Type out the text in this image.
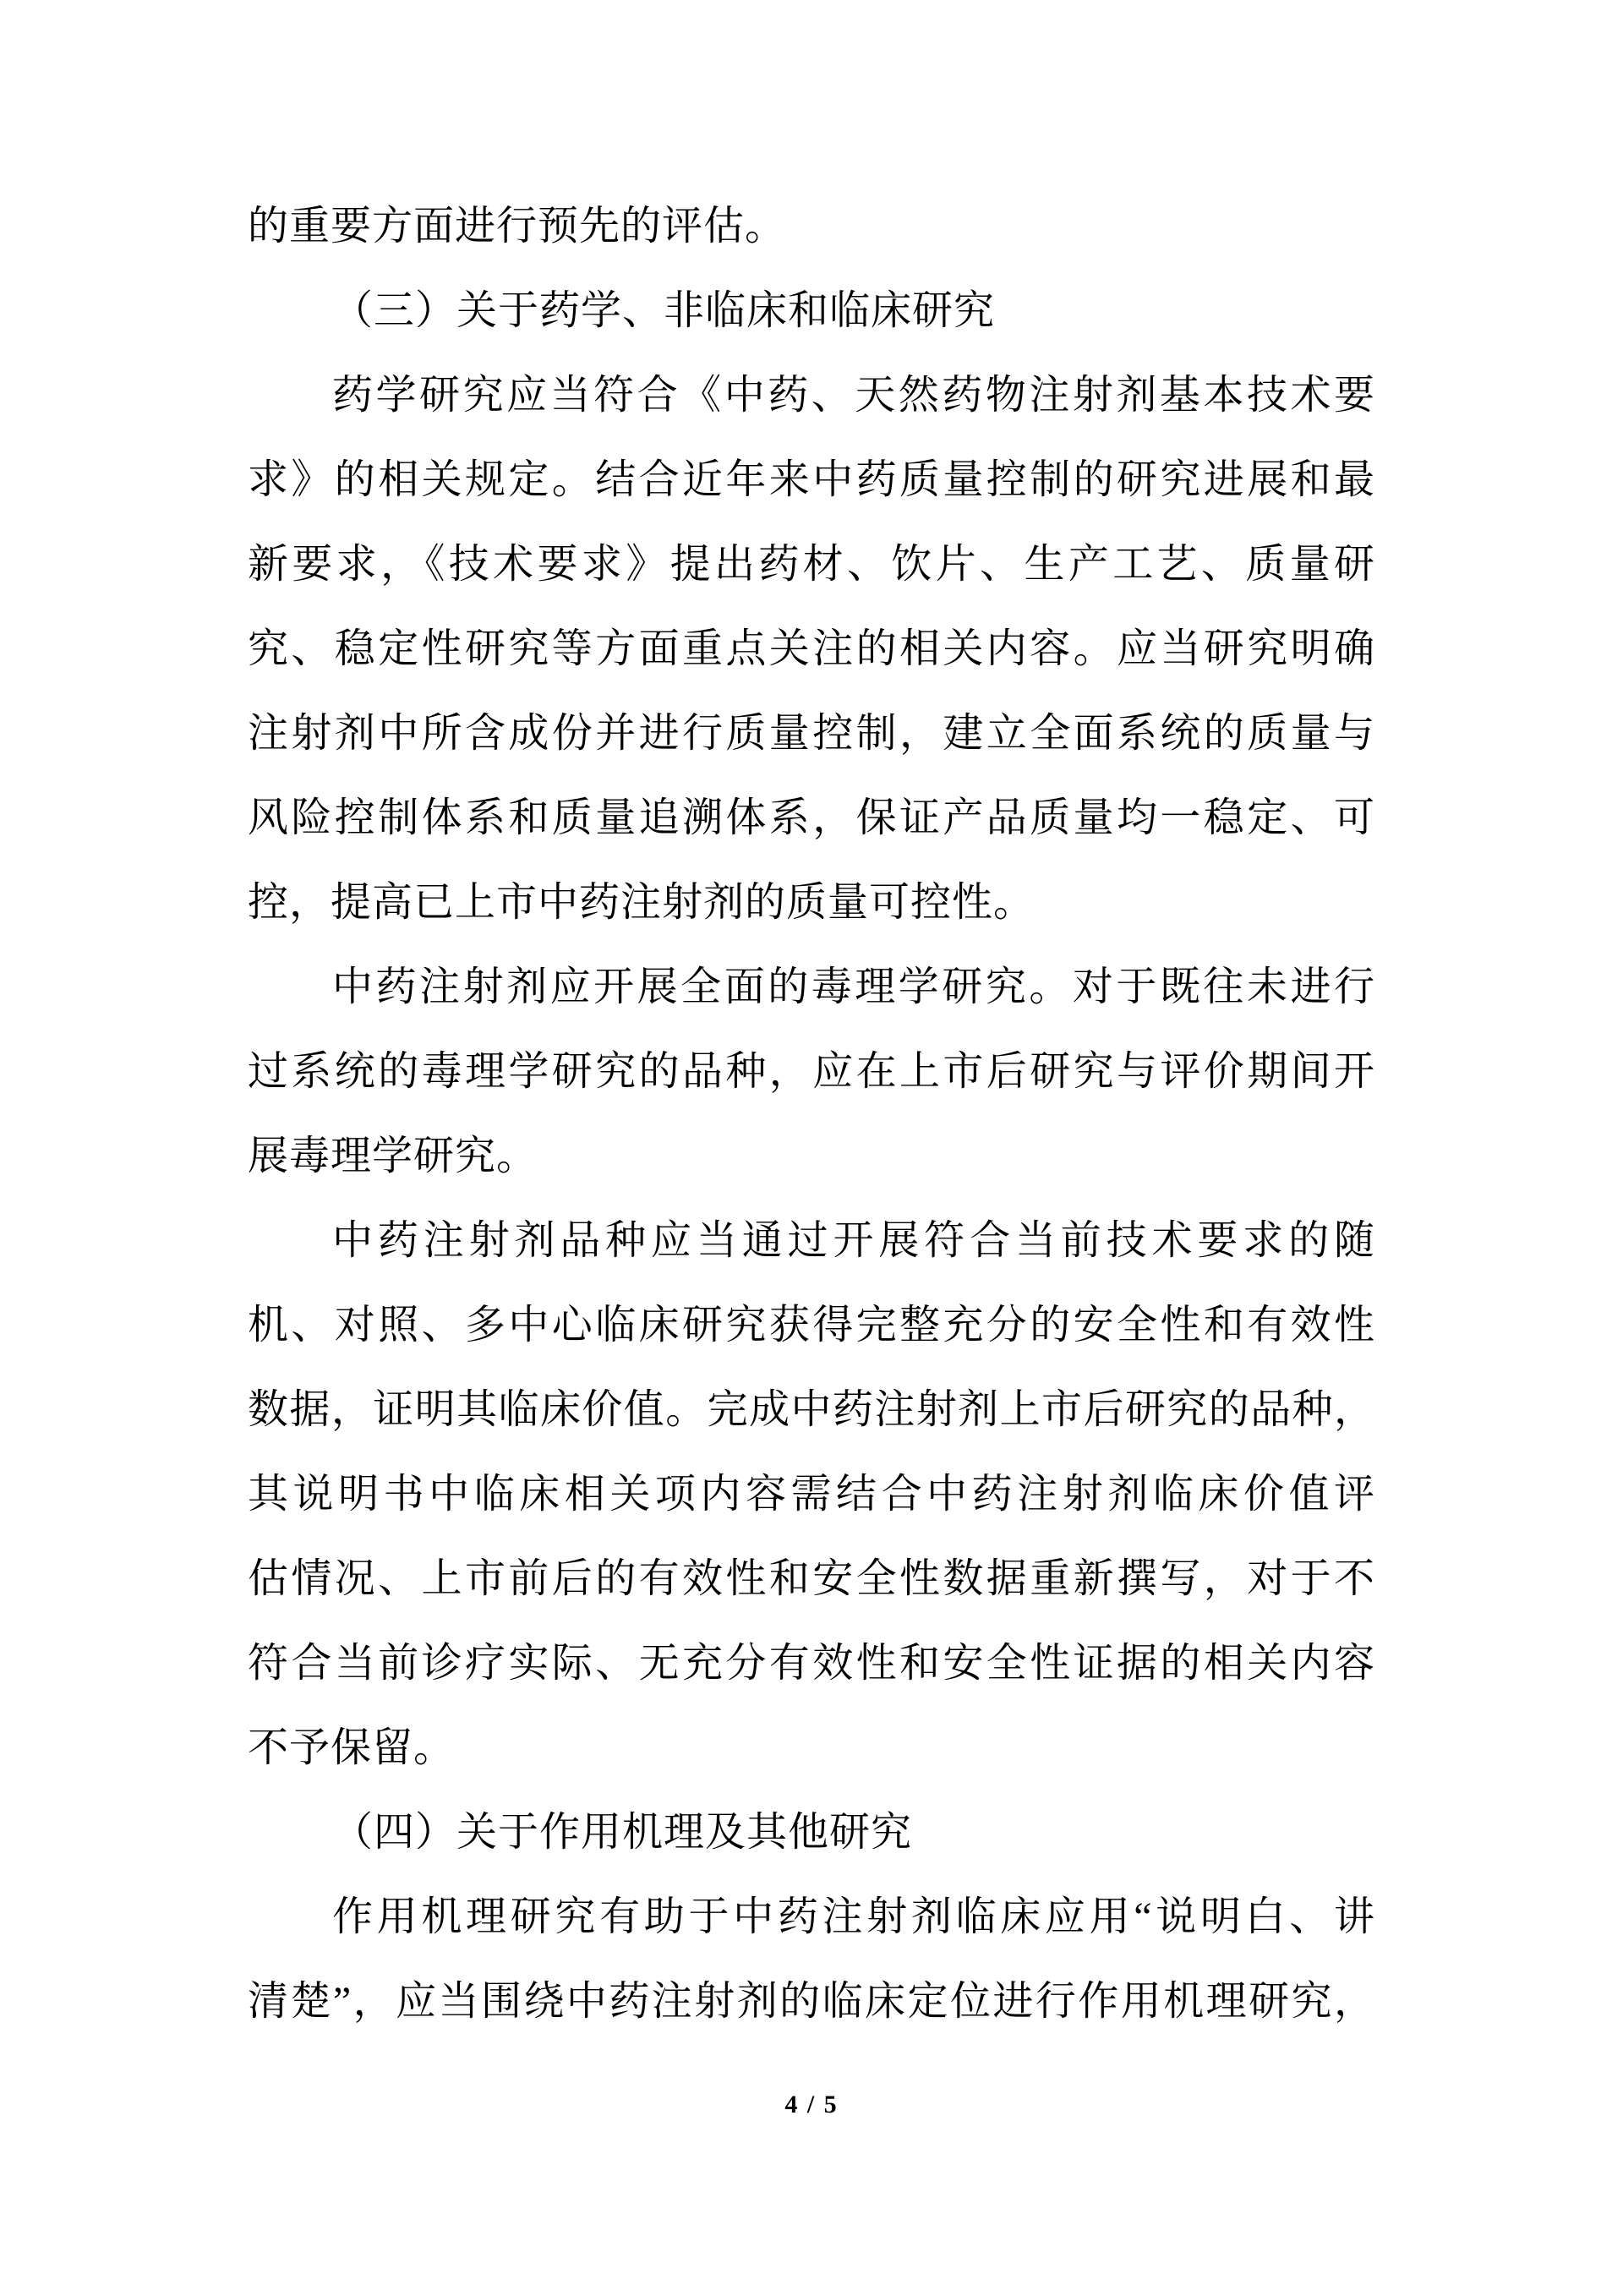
的重要方面进行预先的评估。
（三）关于药学、非临床和临床研究
药学研究应当符合《中药、天然药物注射剂基本技术要
求》的相关规定。结合近年来中药质量控制的研究进展和最
新要求，《技术要求》提出药材、饮片、生产工艺、质量研
究、稳定性研究等方面重点关注的相关内容。应当研究明确
注射剂中所含成份并进行质量控制，建立全面系统的质量与
风险控制体系和质量追溯体系，保证产品质量均一稳定、可
控，提高已上市中药注射剂的质量可控性。
中药注射剂应开展全面的毒理学研究。对于既往未进行
过系统的毒理学研究的品种，应在上市后研究与评价期间开
展毒理学研究。
中药注射剂品种应当通过开展符合当前技术要求的随
机、对照、多中心临床研究获得完整充分的安全性和有效性
数据，证明其临床价值。完成中药注射剂上市后研究的品种，
其说明书中临床相关项内容需结合中药注射剂临床价值评
估情况、上市前后的有效性和安全性数据重新撰写，对于不
符合当前诊疗实际、无充分有效性和安全性证据的相关内容
不予保留。
（四）关于作用机理及其他研究
作用机理研究有助于中药注射剂临床应用“说明白、讲
清楚”，应当围绕中药注射剂的临床定位进行作用机理研究，
4 / 5
